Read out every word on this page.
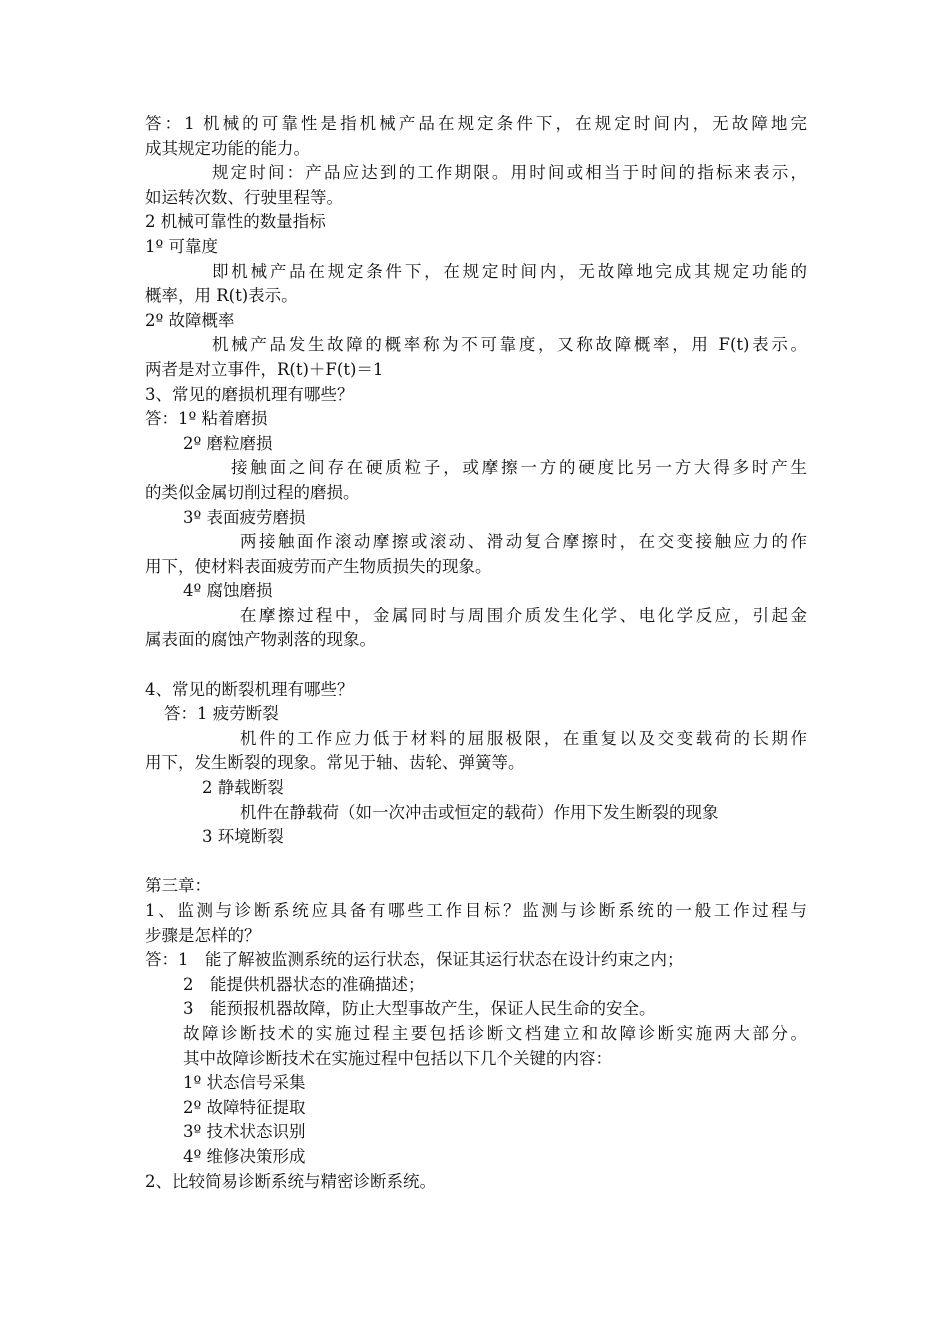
答：1 机械的可靠性是指机械产品在规定条件下，在规定时间内，无故障地完
成其规定功能的能力。
规定时间：产品应达到的工作期限。用时间或相当于时间的指标来表示，
如运转次数、行驶里程等。
2 机械可靠性的数量指标
1º 可靠度
即机械产品在规定条件下，在规定时间内，无故障地完成其规定功能的
概率，用 R(t)表示。
2º 故障概率
机械产品发生故障的概率称为不可靠度，又称故障概率，用 F(t)表示。
两者是对立事件，R(t)＋F(t)＝1
3、常见的磨损机理有哪些？
答：1º 粘着磨损
2º 磨粒磨损
接触面之间存在硬质粒子，或摩擦一方的硬度比另一方大得多时产生
的类似金属切削过程的磨损。
3º 表面疲劳磨损
两接触面作滚动摩擦或滚动、滑动复合摩擦时，在交变接触应力的作
用下，使材料表面疲劳而产生物质损失的现象。
4º 腐蚀磨损
在摩擦过程中，金属同时与周围介质发生化学、电化学反应，引起金
属表面的腐蚀产物剥落的现象。
4、常见的断裂机理有哪些？
答：1 疲劳断裂
机件的工作应力低于材料的屈服极限，在重复以及交变载荷的长期作
用下，发生断裂的现象。常见于轴、齿轮、弹簧等。
2 静载断裂
机件在静载荷（如一次冲击或恒定的载荷）作用下发生断裂的现象
3 环境断裂
第三章：
1、监测与诊断系统应具备有哪些工作目标？监测与诊断系统的一般工作过程与
步骤是怎样的？
答：1　能了解被监测系统的运行状态，保证其运行状态在设计约束之内；
2　能提供机器状态的准确描述；
3　能预报机器故障，防止大型事故产生，保证人民生命的安全。
故障诊断技术的实施过程主要包括诊断文档建立和故障诊断实施两大部分。
其中故障诊断技术在实施过程中包括以下几个关键的内容：
1º 状态信号采集
2º 故障特征提取
3º 技术状态识别
4º 维修决策形成
2、比较简易诊断系统与精密诊断系统。
